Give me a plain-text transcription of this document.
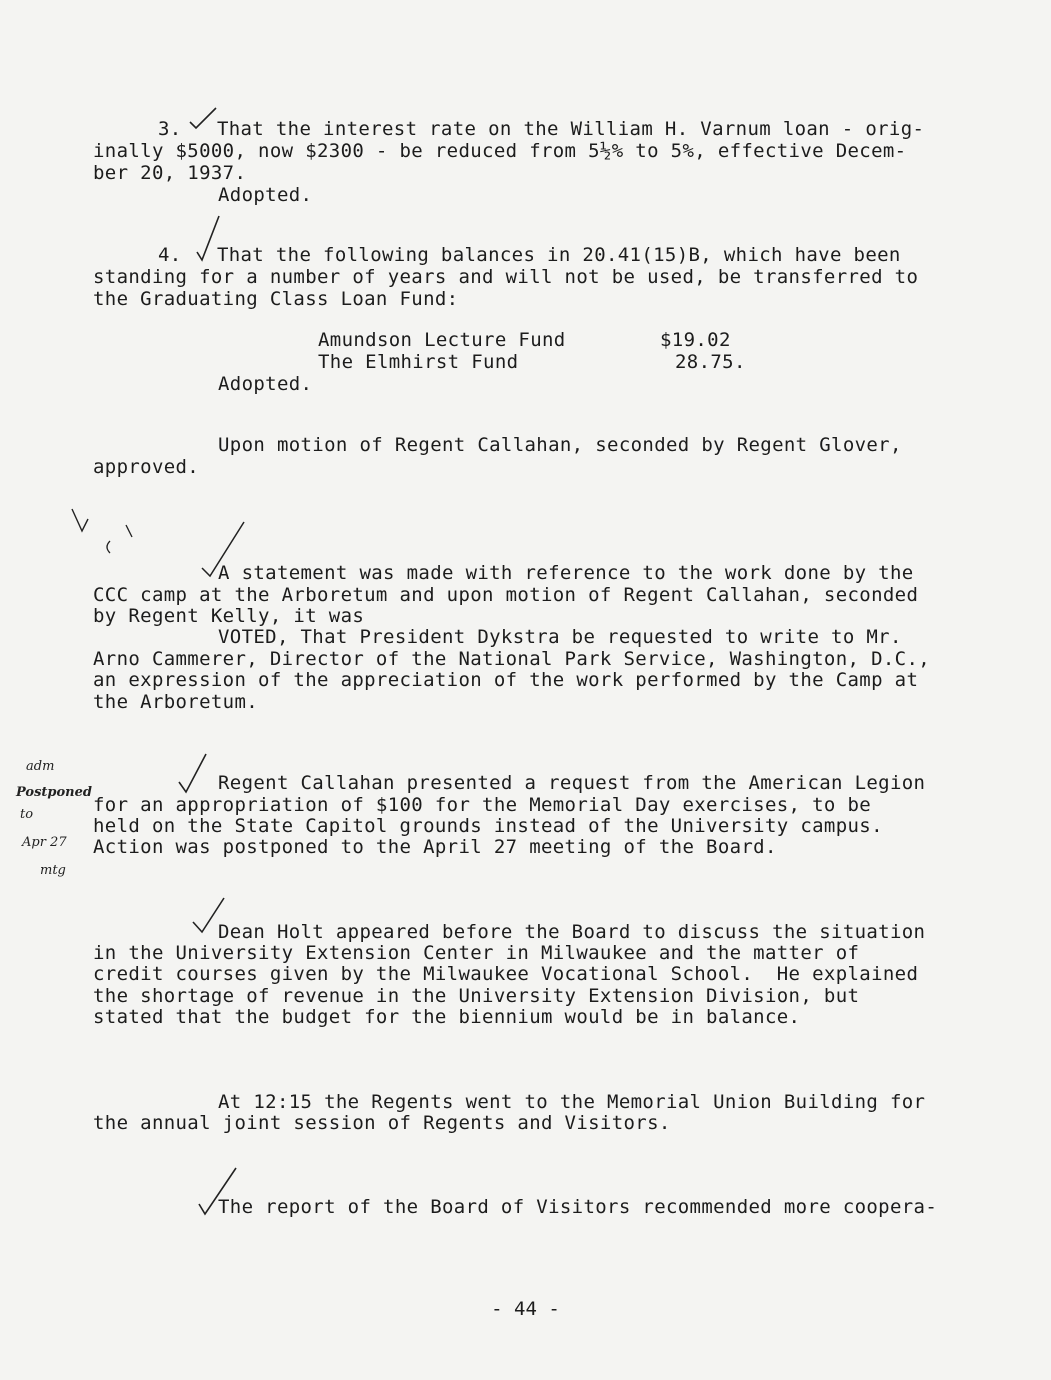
3.   That the interest rate on the William H. Varnum loan - orig-
inally $5000, now $2300 - be reduced from 5½% to 5%, effective Decem-
ber 20, 1937.
Adopted.
4.   That the following balances in 20.41(15)B, which have been
standing for a number of years and will not be used, be transferred to
the Graduating Class Loan Fund:
Amundson Lecture Fund	$19.02
The Elmhirst Fund	28.75.
Adopted.
Upon motion of Regent Callahan, seconded by Regent Glover,
approved.
A statement was made with reference to the work done by the
CCC camp at the Arboretum and upon motion of Regent Callahan, seconded
by Regent Kelly, it was
VOTED, That President Dykstra be requested to write to Mr.
Arno Cammerer, Director of the National Park Service, Washington, D.C.,
an expression of the appreciation of the work performed by the Camp at
the Arboretum.
adm
Postponed
to
Apr 27
mtg
Regent Callahan presented a request from the American Legion
for an appropriation of $100 for the Memorial Day exercises, to be
held on the State Capitol grounds instead of the University campus.
Action was postponed to the April 27 meeting of the Board.
Dean Holt appeared before the Board to discuss the situation
in the University Extension Center in Milwaukee and the matter of
credit courses given by the Milwaukee Vocational School.  He explained
the shortage of revenue in the University Extension Division, but
stated that the budget for the biennium would be in balance.
At 12:15 the Regents went to the Memorial Union Building for
the annual joint session of Regents and Visitors.
The report of the Board of Visitors recommended more coopera-
- 44 -
